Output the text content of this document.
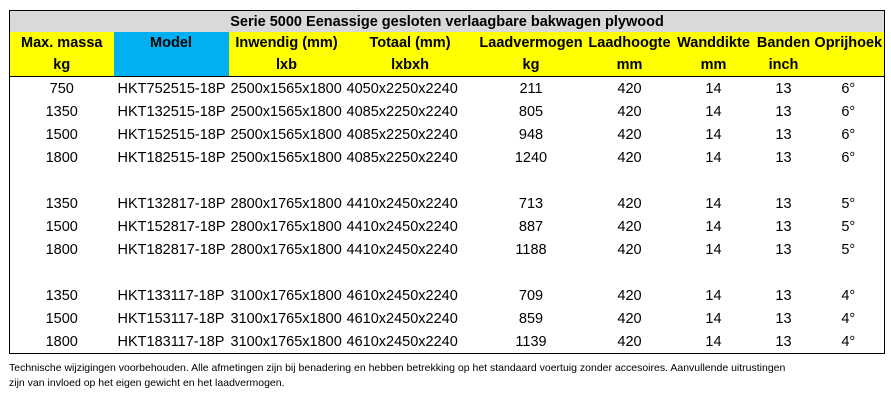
Serie 5000 Eenassige gesloten verlaagbare bakwagen plywood								
Max. massa	Model	Inwendig (mm)	Totaal (mm)	Laadvermogen	Laadhoogte	Wanddikte	Banden	Oprijhoek
kg		lxb	lxbxh	kg	mm	mm	inch	
750	HKT752515-18P	2500x1565x1800	4050x2250x2240	211	420	14	13	6°
1350	HKT132515-18P	2500x1565x1800	4085x2250x2240	805	420	14	13	6°
1500	HKT152515-18P	2500x1565x1800	4085x2250x2240	948	420	14	13	6°
1800	HKT182515-18P	2500x1565x1800	4085x2250x2240	1240	420	14	13	6°

1350	HKT132817-18P	2800x1765x1800	4410x2450x2240	713	420	14	13	5°
1500	HKT152817-18P	2800x1765x1800	4410x2450x2240	887	420	14	13	5°
1800	HKT182817-18P	2800x1765x1800	4410x2450x2240	1188	420	14	13	5°

1350	HKT133117-18P	3100x1765x1800	4610x2450x2240	709	420	14	13	4°
1500	HKT153117-18P	3100x1765x1800	4610x2450x2240	859	420	14	13	4°
1800	HKT183117-18P	3100x1765x1800	4610x2450x2240	1139	420	14	13	4°
Technische wijzigingen voorbehouden. Alle afmetingen zijn bij benadering en hebben betrekking op het standaard voertuig zonder accesoires. Aanvullende uitrustingen
zijn van invloed op het eigen gewicht en het laadvermogen.
